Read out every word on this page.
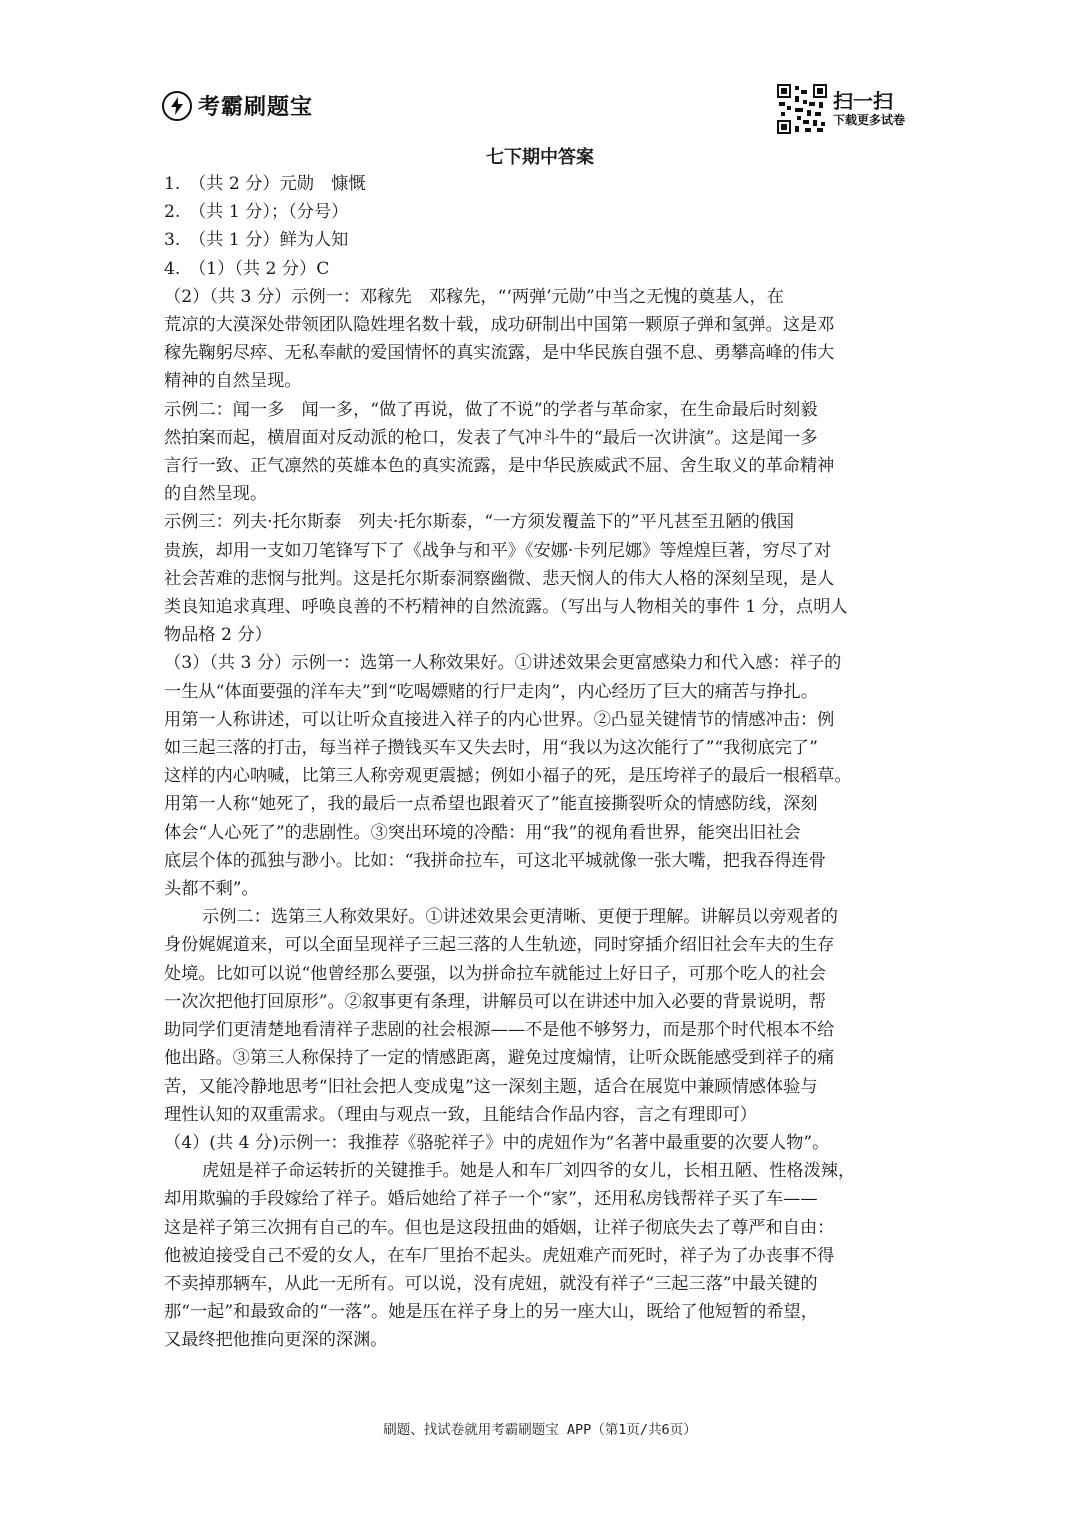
考霸刷题宝	扫一扫
下载更多试卷
七下期中答案

1.　（共 2 分）元勋　慷慨

2.　（共 1 分）；（分号）

3.　（共 1 分）鲜为人知

4.　（1）（共 2 分）C

（2）（共 3 分）示例一：邓稼先　邓稼先，“‘两弹’元勋”中当之无愧的奠基人，在

荒凉的大漠深处带领团队隐姓埋名数十载，成功研制出中国第一颗原子弹和氢弹。这是邓

稼先鞠躬尽瘁、无私奉献的爱国情怀的真实流露，是中华民族自强不息、勇攀高峰的伟大

精神的自然呈现。

示例二：闻一多　闻一多，“做了再说，做了不说”的学者与革命家，在生命最后时刻毅

然拍案而起，横眉面对反动派的枪口，发表了气冲斗牛的“最后一次讲演”。这是闻一多

言行一致、正气凛然的英雄本色的真实流露，是中华民族威武不屈、舍生取义的革命精神

的自然呈现。

示例三：列夫·托尔斯泰　列夫·托尔斯泰，“一方须发覆盖下的”平凡甚至丑陋的俄国

贵族，却用一支如刀笔锋写下了《战争与和平》《安娜·卡列尼娜》等煌煌巨著，穷尽了对

社会苦难的悲悯与批判。这是托尔斯泰洞察幽微、悲天悯人的伟大人格的深刻呈现，是人

类良知追求真理、呼唤良善的不朽精神的自然流露。（写出与人物相关的事件 1 分，点明人

物品格 2 分）

（3）（共 3 分）示例一：选第一人称效果好。①讲述效果会更富感染力和代入感：祥子的

一生从“体面要强的洋车夫”到“吃喝嫖赌的行尸走肉”，内心经历了巨大的痛苦与挣扎。

用第一人称讲述，可以让听众直接进入祥子的内心世界。②凸显关键情节的情感冲击：例

如三起三落的打击，每当祥子攒钱买车又失去时，用“我以为这次能行了”“我彻底完了”

这样的内心呐喊，比第三人称旁观更震撼；例如小福子的死，是压垮祥子的最后一根稻草。

用第一人称“她死了，我的最后一点希望也跟着灭了”能直接撕裂听众的情感防线，深刻

体会“人心死了”的悲剧性。③突出环境的冷酷：用“我”的视角看世界，能突出旧社会

底层个体的孤独与渺小。比如：“我拼命拉车，可这北平城就像一张大嘴，把我吞得连骨

头都不剩”。

示例二：选第三人称效果好。①讲述效果会更清晰、更便于理解。讲解员以旁观者的

身份娓娓道来，可以全面呈现祥子三起三落的人生轨迹，同时穿插介绍旧社会车夫的生存

处境。比如可以说“他曾经那么要强，以为拼命拉车就能过上好日子，可那个吃人的社会

一次次把他打回原形”。②叙事更有条理，讲解员可以在讲述中加入必要的背景说明，帮

助同学们更清楚地看清祥子悲剧的社会根源——不是他不够努力，而是那个时代根本不给

他出路。③第三人称保持了一定的情感距离，避免过度煽情，让听众既能感受到祥子的痛

苦，又能冷静地思考“旧社会把人变成鬼”这一深刻主题，适合在展览中兼顾情感体验与

理性认知的双重需求。（理由与观点一致，且能结合作品内容，言之有理即可）

（4）(共 4 分)示例一：我推荐《骆驼祥子》中的虎妞作为“名著中最重要的次要人物”。

虎妞是祥子命运转折的关键推手。她是人和车厂刘四爷的女儿，长相丑陋、性格泼辣，

却用欺骗的手段嫁给了祥子。婚后她给了祥子一个“家”，还用私房钱帮祥子买了车——

这是祥子第三次拥有自己的车。但也是这段扭曲的婚姻，让祥子彻底失去了尊严和自由：

他被迫接受自己不爱的女人，在车厂里抬不起头。虎妞难产而死时，祥子为了办丧事不得

不卖掉那辆车，从此一无所有。可以说，没有虎妞，就没有祥子“三起三落”中最关键的

那“一起”和最致命的“一落”。她是压在祥子身上的另一座大山，既给了他短暂的希望，

又最终把他推向更深的深渊。

刷题、找试卷就用考霸刷题宝 APP（第1页/共6页）
